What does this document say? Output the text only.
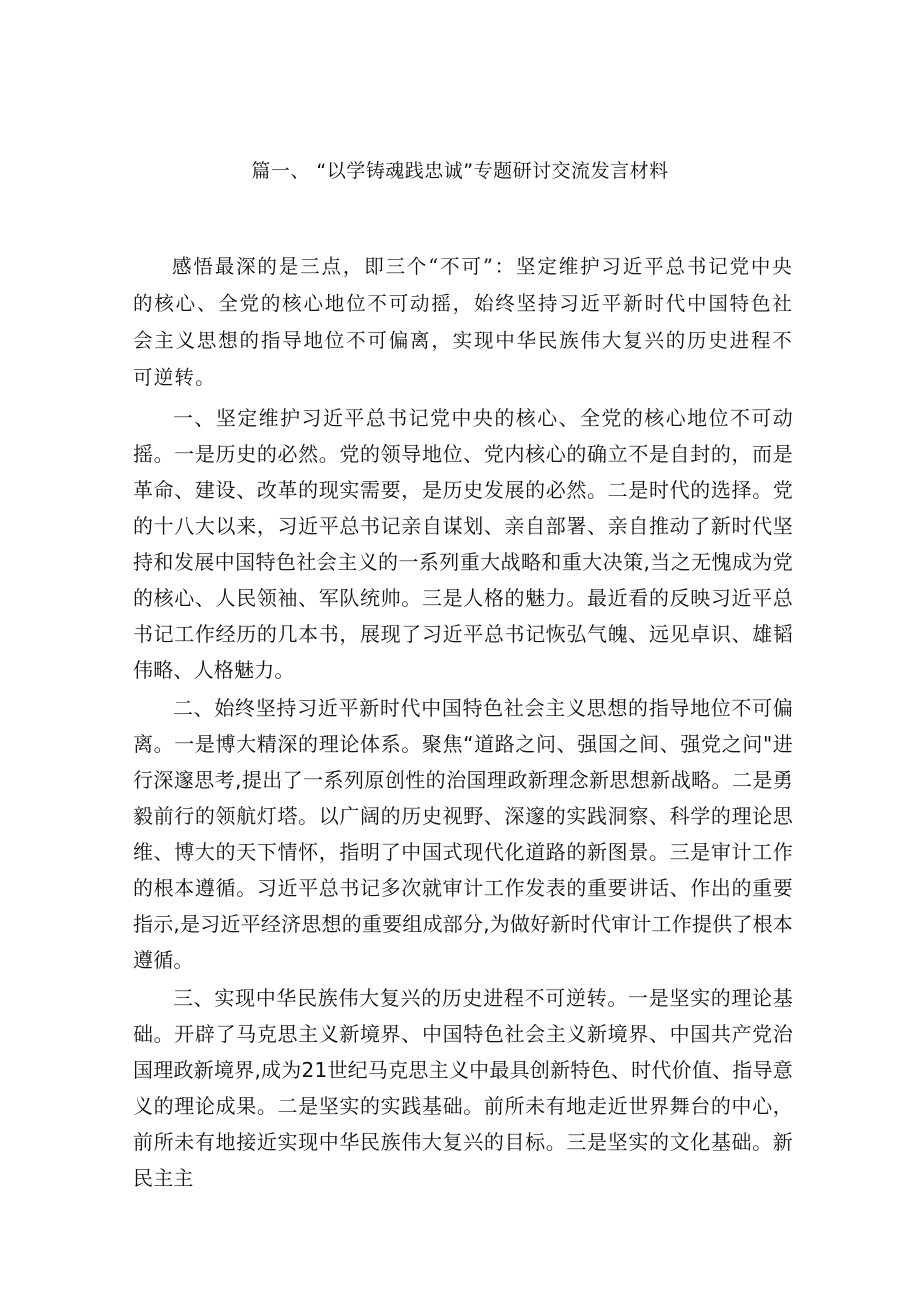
篇一、 “以学铸魂践忠诚”专题研讨交流发言材料

感悟最深的是三点，即三个“不可”：坚定维护习近平总书记党中央的核心、全党的核心地位不可动摇，始终坚持习近平新时代中国特色社会主义思想的指导地位不可偏离，实现中华民族伟大复兴的历史进程不可逆转。

一、坚定维护习近平总书记党中央的核心、全党的核心地位不可动摇。一是历史的必然。党的领导地位、党内核心的确立不是自封的，而是革命、建设、改革的现实需要，是历史发展的必然。二是时代的选择。党的十八大以来，习近平总书记亲自谋划、亲自部署、亲自推动了新时代坚持和发展中国特色社会主义的一系列重大战略和重大决策,当之无愧成为党的核心、人民领袖、军队统帅。三是人格的魅力。最近看的反映习近平总书记工作经历的几本书，展现了习近平总书记恢弘气魄、远见卓识、雄韬伟略、人格魅力。

二、始终坚持习近平新时代中国特色社会主义思想的指导地位不可偏离。一是博大精深的理论体系。聚焦“道路之问、强国之间、强党之问"进行深邃思考,提出了一系列原创性的治国理政新理念新思想新战略。二是勇毅前行的领航灯塔。以广阔的历史视野、深邃的实践洞察、科学的理论思维、博大的天下情怀，指明了中国式现代化道路的新图景。三是审计工作的根本遵循。习近平总书记多次就审计工作发表的重要讲话、作出的重要指示,是习近平经济思想的重要组成部分,为做好新时代审计工作提供了根本遵循。

三、实现中华民族伟大复兴的历史进程不可逆转。一是坚实的理论基础。开辟了马克思主义新境界、中国特色社会主义新境界、中国共产党治国理政新境界,成为21世纪马克思主义中最具创新特色、时代价值、指导意义的理论成果。二是坚实的实践基础。前所未有地走近世界舞台的中心，前所未有地接近实现中华民族伟大复兴的目标。三是坚实的文化基础。新民主主
